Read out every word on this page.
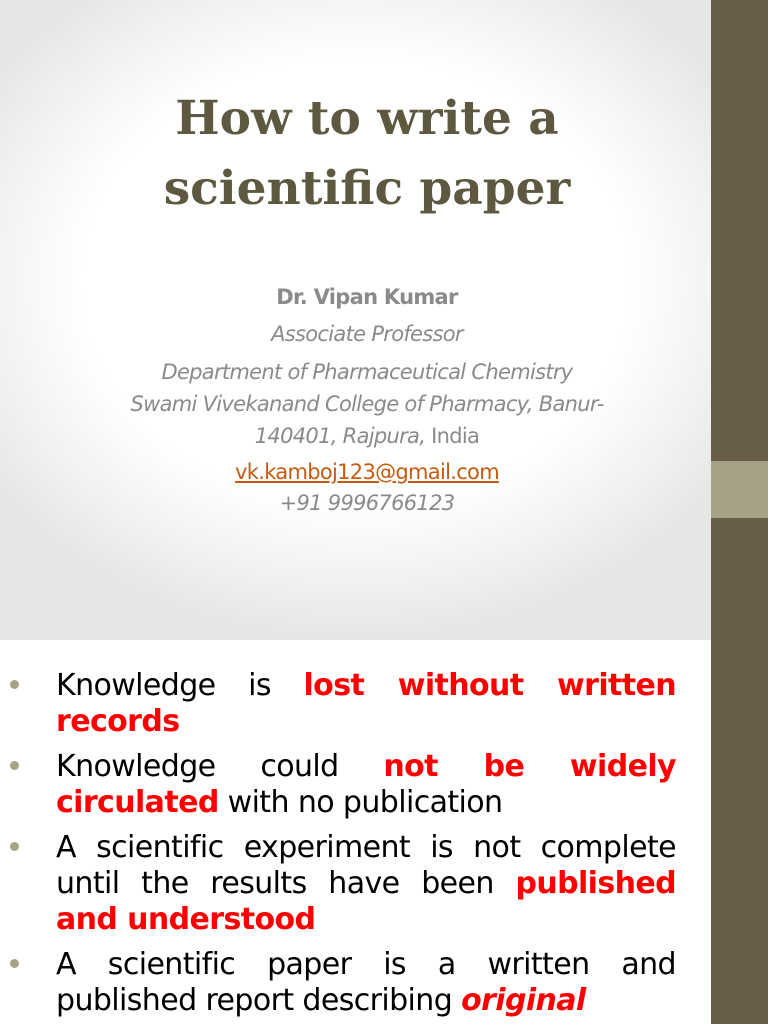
How to write a
scientific paper
Dr. Vipan Kumar
Associate Professor
Department of Pharmaceutical Chemistry
Swami Vivekanand College of Pharmacy, Banur-
140401, Rajpura, India
vk.kamboj123@gmail.com
+91 9996766123
Knowledge is lost without written records
Knowledge could not be widely circulated with no publication
A scientific experiment is not complete until the results have been published and understood
A scientific paper is a written and published report describing original
